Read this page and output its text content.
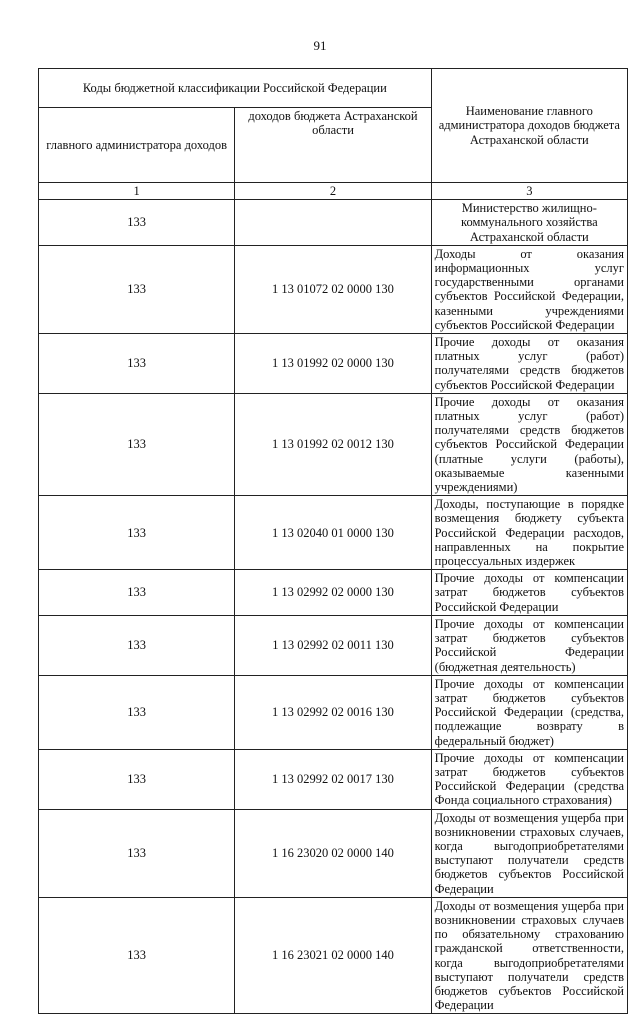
91
Коды бюджетной классификации Российской Федерации		Наименование главного администратора доходов бюджета Астраханской области
главного администратора доходов	доходов бюджета Астраханской области	
1	2	3
133		Министерство жилищно-коммунального хозяйства Астраханской области
133	1 13 01072 02 0000 130	Доходы от оказания информационных услуг государственными органами субъектов Российской Федерации, казенными учреждениями субъектов Российской Федерации
133	1 13 01992 02 0000 130	Прочие доходы от оказания платных услуг (работ) получателями средств бюджетов субъектов Российской Федерации
133	1 13 01992 02 0012 130	Прочие доходы от оказания платных услуг (работ) получателями средств бюджетов субъектов Российской Федерации (платные услуги (работы), оказываемые казенными учреждениями)
133	1 13 02040 01 0000 130	Доходы, поступающие в порядке возмещения бюджету субъекта Российской Федерации расходов, направленных на покрытие процессуальных издержек
133	1 13 02992 02 0000 130	Прочие доходы от компенсации затрат бюджетов субъектов Российской Федерации
133	1 13 02992 02 0011 130	Прочие доходы от компенсации затрат бюджетов субъектов Российской Федерации (бюджетная деятельность)
133	1 13 02992 02 0016 130	Прочие доходы от компенсации затрат бюджетов субъектов Российской Федерации (средства, подлежащие возврату в федеральный бюджет)
133	1 13 02992 02 0017 130	Прочие доходы от компенсации затрат бюджетов субъектов Российской Федерации (средства Фонда социального страхования)
133	1 16 23020 02 0000 140	Доходы от возмещения ущерба при возникновении страховых случаев, когда выгодоприобретателями выступают получатели средств бюджетов субъектов Российской Федерации
133	1 16 23021 02 0000 140	Доходы от возмещения ущерба при возникновении страховых случаев по обязательному страхованию гражданской ответственности, когда выгодоприобретателями выступают получатели средств бюджетов субъектов Российской Федерации
